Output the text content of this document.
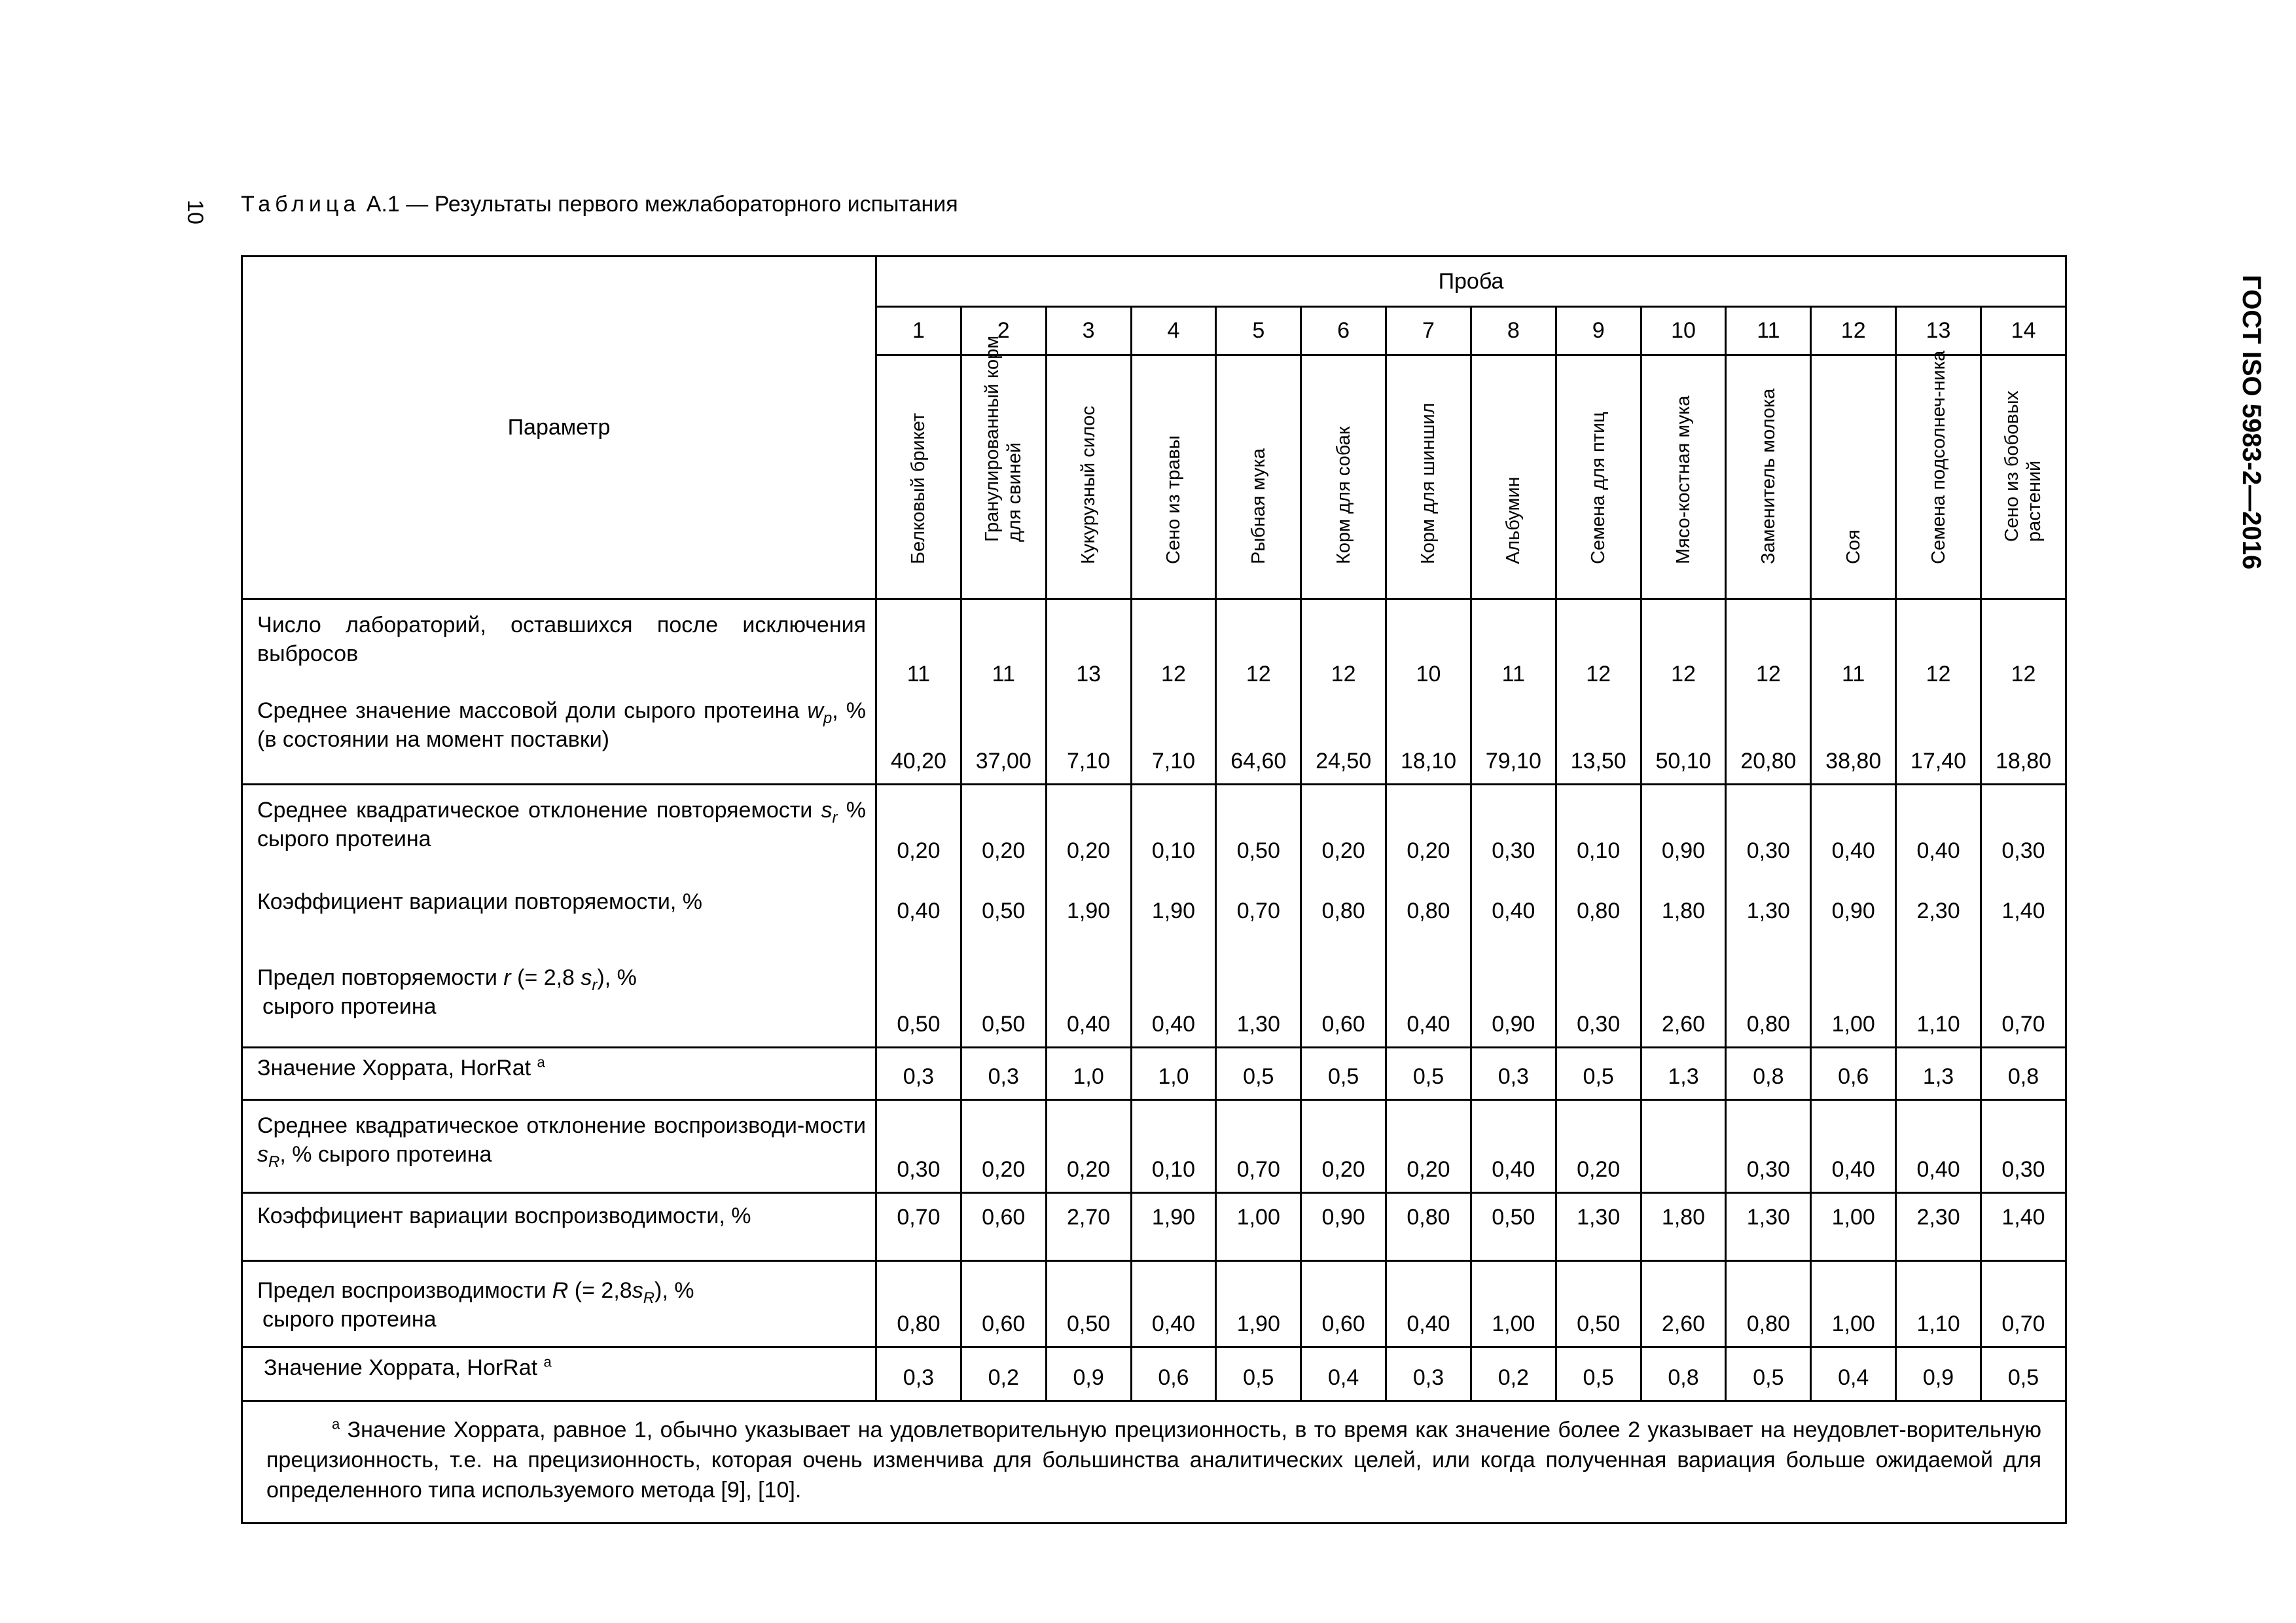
10
ГОСТ ISO 5983-2—2016
Таблица А.1 — Результаты первого межлабораторного испытания
Параметр	Проба													
	1	2	3	4	5	6	7	8	9	10	11	12	13	14

	Белковый брикет	Гранулированный корм для свиней	Кукурузный силос	Сено из травы	Рыбная мука	Корм для собак	Корм для шиншил	Альбумин	Семена для птиц	Мясо-костная мука	Заменитель молока	Соя	Семена подсолнеч-ника	Сено из бобовых растений

Число лабораторий, оставшихся после исключения выбросов	11	11	13	12	12	12	10	11	12	12	12	11	12	12
Среднее значение массовой доли сырого протеина $w_p$, % (в состоянии на момент поставки)	40,20	37,00	7,10	7,10	64,60	24,50	18,10	79,10	13,50	50,10	20,80	38,80	17,40	18,80
Среднее квадратическое отклонение повторяемости $s_r$ % сырого протеина	0,20	0,20	0,20	0,10	0,50	0,20	0,20	0,30	0,10	0,90	0,30	0,40	0,40	0,30
Коэффициент вариации повторяемости, %	0,40	0,50	1,90	1,90	0,70	0,80	0,80	0,40	0,80	1,80	1,30	0,90	2,30	1,40
Предел повторяемости r (= 2,8 $s_r$), %
сырого протеина	0,50	0,50	0,40	0,40	1,30	0,60	0,40	0,90	0,30	2,60	0,80	1,00	1,10	0,70
Значение Хоррата, HorRat $^a$	0,3	0,3	1,0	1,0	0,5	0,5	0,5	0,3	0,5	1,3	0,8	0,6	1,3	0,8
Среднее квадратическое отклонение воспроизводи-мости $s_R$, % сырого протеина	0,30	0,20	0,20	0,10	0,70	0,20	0,20	0,40	0,20		0,30	0,40	0,40	0,30
Коэффициент вариации воспроизводимости, %	0,70	0,60	2,70	1,90	1,00	0,90	0,80	0,50	1,30	1,80	1,30	1,00	2,30	1,40
Предел воспроизводимости R (= $2,8s_R$), %
сырого протеина	0,80	0,60	0,50	0,40	1,90	0,60	0,40	1,00	0,50	2,60	0,80	1,00	1,10	0,70
Значение Хоррата, HorRat $^a$	0,3	0,2	0,9	0,6	0,5	0,4	0,3	0,2	0,5	0,8	0,5	0,4	0,9	0,5
$^a$ Значение Хоррата, равное 1, обычно указывает на удовлетворительную прецизионность, в то время как значение более 2 указывает на неудовлет-ворительную прецизионность, т.е. на прецизионность, которая очень изменчива для большинства аналитических целей, или когда полученная вариация больше ожидаемой для определенного типа используемого метода [9], [10].														
